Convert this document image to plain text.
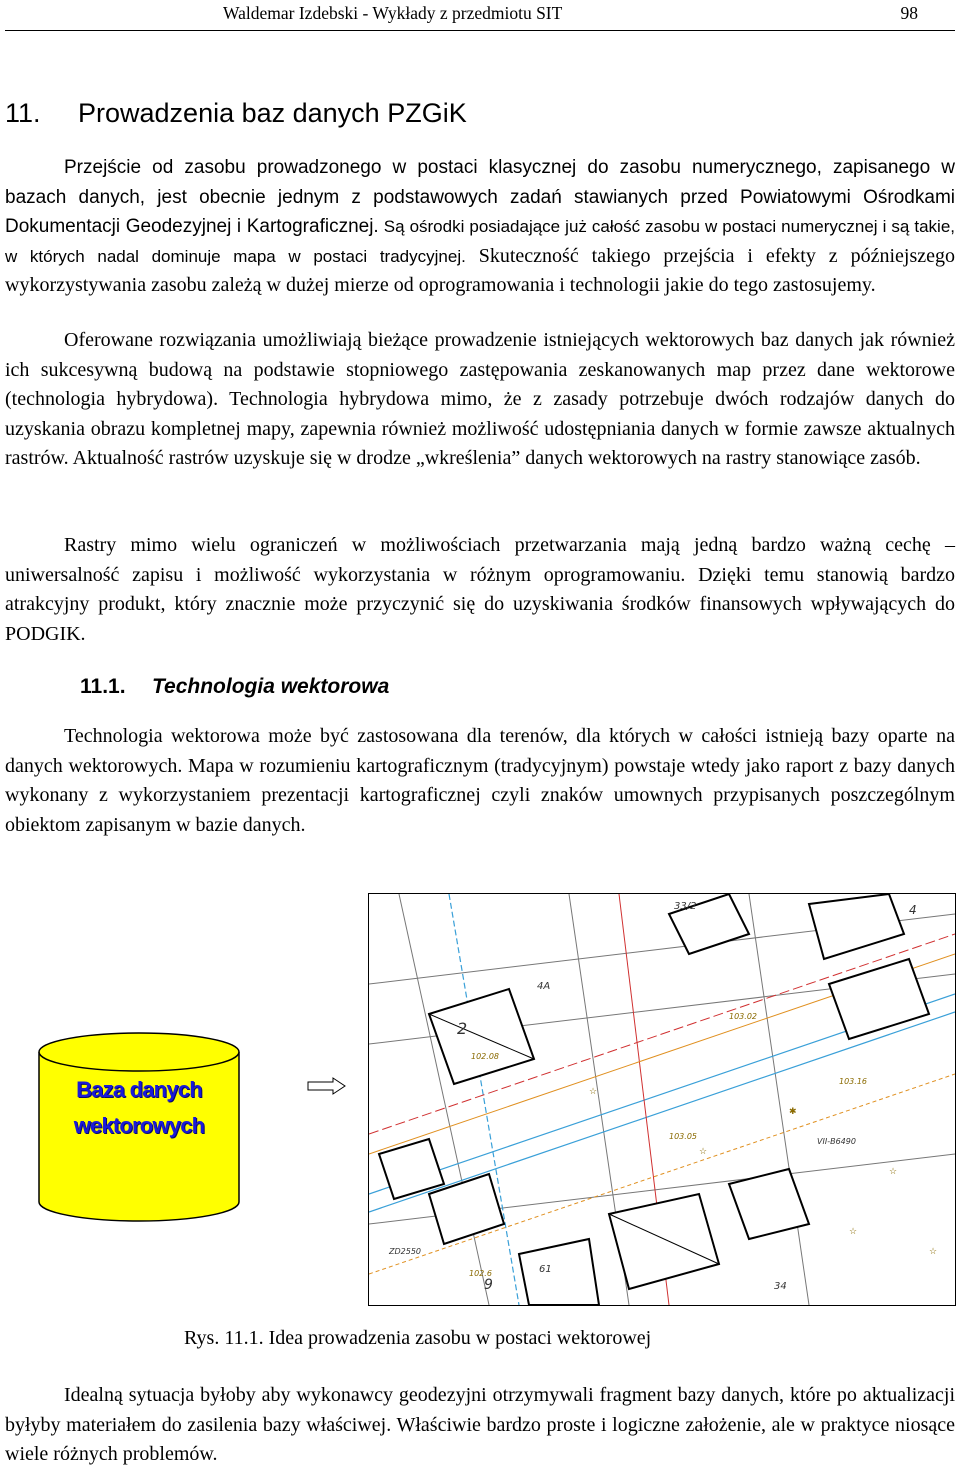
Waldemar Izdebski - Wykłady z przedmiotu SIT	98
11. Prowadzenia baz danych PZGiK

Przejście od zasobu prowadzonego w postaci klasycznej do zasobu numerycznego, zapisanego w bazach danych, jest obecnie jednym z podstawowych zadań stawianych przed Powiatowymi Ośrodkami Dokumentacji Geodezyjnej i Kartograficznej. Są ośrodki posiadające już całość zasobu w postaci numerycznej i są takie, w których nadal dominuje mapa w postaci tradycyjnej. Skuteczność takiego przejścia i efekty z późniejszego wykorzystywania zasobu zależą w dużej mierze od oprogramowania i technologii jakie do tego zastosujemy.

Oferowane rozwiązania umożliwiają bieżące prowadzenie istniejących wektorowych baz danych jak również ich sukcesywną budową na podstawie stopniowego zastępowania zeskanowanych map przez dane wektorowe (technologia hybrydowa). Technologia hybrydowa mimo, że z zasady potrzebuje dwóch rodzajów danych do uzyskania obrazu kompletnej mapy, zapewnia również możliwość udostępniania danych w formie zawsze aktualnych rastrów. Aktualność rastrów uzyskuje się w drodze „wkreślenia” danych wektorowych na rastry stanowiące zasób.

Rastry mimo wielu ograniczeń w możliwościach przetwarzania mają jedną bardzo ważną cechę – uniwersalność zapisu i możliwość wykorzystania w różnym oprogramowaniu. Dzięki temu stanowią bardzo atrakcyjny produkt, który znacznie może przyczynić się do uzyskiwania środków finansowych wpływających do PODGIK.

11.1. Technologia wektorowa

Technologia wektorowa może być zastosowana dla terenów, dla których w całości istnieją bazy oparte na danych wektorowych. Mapa w rozumieniu kartograficznym (tradycyjnym) powstaje wtedy jako raport z bazy danych wykonany z wykorzystaniem prezentacji kartograficznej czyli znaków umownych przypisanych poszczególnym obiektom zapisanym w bazie danych.

Baza danych
wektorowych
33/2
4A
102.08
103.02
103.16
2
103.05
VII-B6490
ZD2550
102.6	61
9	34
4
☆
☆
☆
☆
☆
✱
Rys. 11.1. Idea prowadzenia zasobu w postaci wektorowej

Idealną sytuacja byłoby aby wykonawcy geodezyjni otrzymywali fragment bazy danych, które po aktualizacji byłyby materiałem do zasilenia bazy właściwej. Właściwie bardzo proste i logiczne założenie, ale w praktyce niosące wiele różnych problemów.
